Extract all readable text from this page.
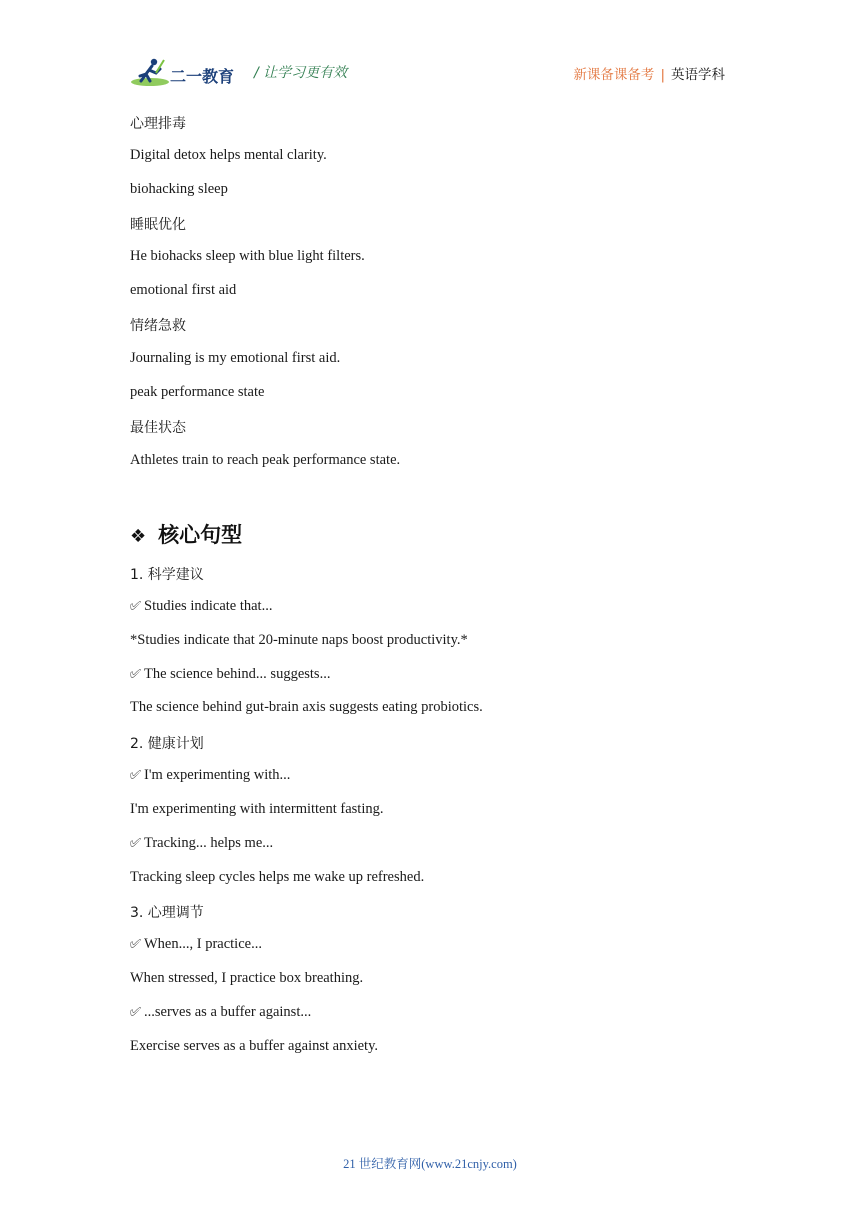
二一教育 / 让学习更有效	新课备课备考 | 英语学科
心理排毒
Digital detox helps mental clarity.
biohacking sleep
睡眠优化
He biohacks sleep with blue light filters.
emotional first aid
情绪急救
Journaling is my emotional first aid.
peak performance state
最佳状态
Athletes train to reach peak performance state.
❖ 核心句型
1. 科学建议
✅︎ Studies indicate that...
*Studies indicate that 20-minute naps boost productivity.*
✅︎ The science behind... suggests...
The science behind gut-brain axis suggests eating probiotics.
2. 健康计划
✅︎ I'm experimenting with...
I'm experimenting with intermittent fasting.
✅︎ Tracking... helps me...
Tracking sleep cycles helps me wake up refreshed.
3. 心理调节
✅︎ When..., I practice...
When stressed, I practice box breathing.
✅︎ ...serves as a buffer against...
Exercise serves as a buffer against anxiety.
21 世纪教育网(www.21cnjy.com)
